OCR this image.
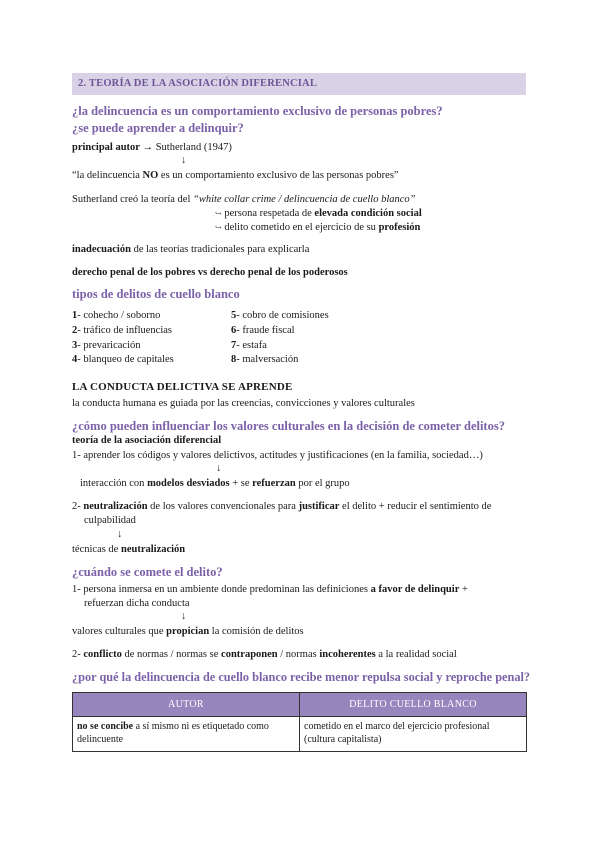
2. TEORÍA DE LA ASOCIACIÓN DIFERENCIAL
¿la delincuencia es un comportamiento exclusivo de personas pobres?
¿se puede aprender a delinquir?
principal autor → Sutherland (1947)
↓
“la delincuencia NO es un comportamiento exclusivo de las personas pobres”
Sutherland creó la teoría del “white collar crime / delincuencia de cuello blanco”
↪ persona respetada de elevada condición social
↪ delito cometido en el ejercicio de su profesión
inadecuación de las teorías tradicionales para explicarla
derecho penal de los pobres vs derecho penal de los poderosos
tipos de delitos de cuello blanco
1- cohecho / soborno
2- tráfico de influencias
3- prevaricación
4- blanqueo de capitales
5- cobro de comisiones
6- fraude fiscal
7- estafa
8- malversación
LA CONDUCTA DELICTIVA SE APRENDE
la conducta humana es guiada por las creencias, convicciones y valores culturales
¿cómo pueden influenciar los valores culturales en la decisión de cometer delitos?
teoría de la asociación diferencial
1- aprender los códigos y valores delictivos, actitudes y justificaciones (en la familia, sociedad…)
↓
interacción con modelos desviados + se refuerzan por el grupo
2- neutralización de los valores convencionales para justificar el delito + reducir el sentimiento de
culpabilidad
↓
técnicas de neutralización
¿cuándo se comete el delito?
1- persona inmersa en un ambiente donde predominan las definiciones a favor de delinquir +
refuerzan dicha conducta
↓
valores culturales que propician la comisión de delitos
2- conflicto de normas / normas se contraponen / normas incoherentes a la realidad social
¿por qué la delincuencia de cuello blanco recibe menor repulsa social y reproche penal?
AUTOR	DELITO CUELLO BLANCO
no se concibe a sí mismo ni es etiquetado como delincuente	cometido en el marco del ejercicio profesional (cultura capitalista)
